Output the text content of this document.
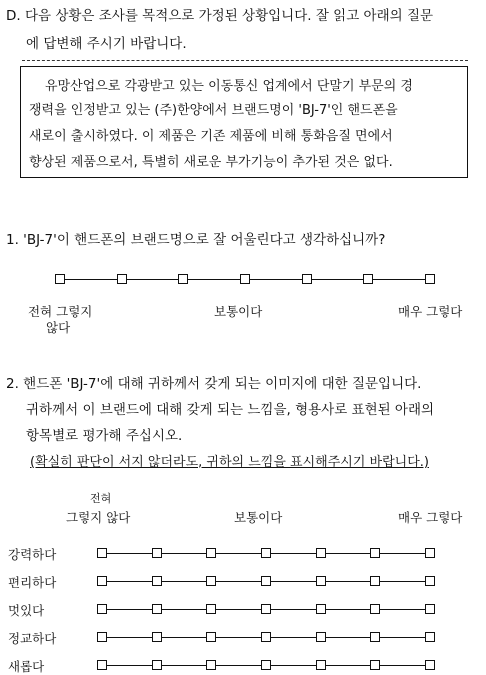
D. 다음 상황은 조사를 목적으로 가정된 상황입니다. 잘 읽고 아래의 질문
에 답변해 주시기 바랍니다.
유망산업으로 각광받고 있는 이동통신 업계에서 단말기 부문의 경
쟁력을 인정받고 있는 (주)한양에서 브랜드명이 'BJ-7'인 핸드폰을
새로이 출시하였다. 이 제품은 기존 제품에 비해 통화음질 면에서
향상된 제품으로서, 특별히 새로운 부가기능이 추가된 것은 없다.
1. 'BJ-7'이 핸드폰의 브랜드명으로 잘 어울린다고 생각하십니까?
전혀 그렇지
않다
보통이다	매우 그렇다
2. 핸드폰 'BJ-7'에 대해 귀하께서 갖게 되는 이미지에 대한 질문입니다.
귀하께서 이 브랜드에 대해 갖게 되는 느낌을, 형용사로 표현된 아래의
항목별로 평가해 주십시오.
(확실히 판단이 서지 않더라도, 귀하의 느낌을 표시해주시기 바랍니다.)
전혀
그렇지 않다	보통이다	매우 그렇다
강력하다
편리하다
멋있다
정교하다
새롭다
